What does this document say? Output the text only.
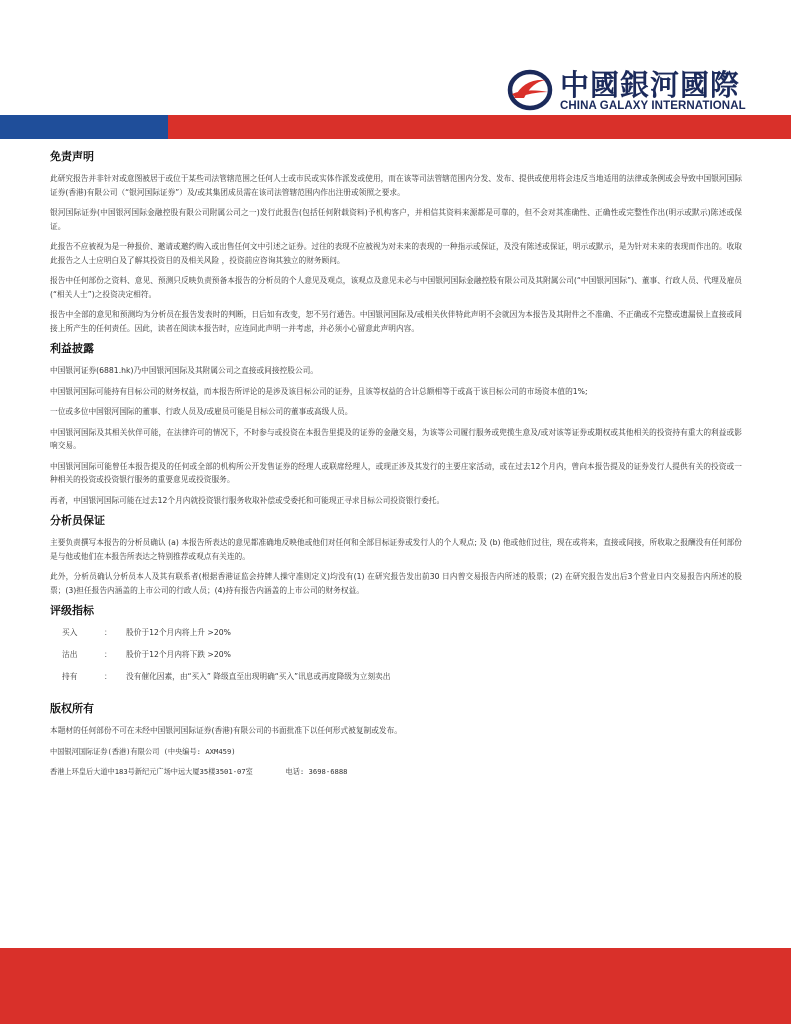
中國銀河國際
CHINA GALAXY INTERNATIONAL
免责声明

此研究报告并非针对或意图被居于或位于某些司法管辖范围之任何人士或市民或实体作派发或使用，而在该等司法管辖范围内分发、发布、提供或使用将会违反当地适用的法律或条例或会导致中国银河国际证券(香港)有限公司（“银河国际证券”）及/或其集团成员需在该司法管辖范围内作出注册或领照之要求。

银河国际证券(中国银河国际金融控股有限公司附属公司之一)发行此报告(包括任何附载资料)予机构客户，并相信其资料来源都是可靠的，但不会对其准确性、正确性或完整性作出(明示或默示)陈述或保证。

此报告不应被视为是一种报价、邀请或邀约购入或出售任何文中引述之证券。过往的表现不应被视为对未来的表现的一种指示或保证，及没有陈述或保证，明示或默示，是为针对未来的表现而作出的。收取此报告之人士应明白及了解其投资目的及相关风险 ，投资前应咨询其独立的财务顾问。

报告中任何部份之资料、意见、预测只反映负责预备本报告的分析员的个人意见及观点，该观点及意见未必与中国银河国际金融控股有限公司及其附属公司(“中国银河国际”)、董事、行政人员、代理及雇员(“相关人士”)之投资决定相符。

报告中全部的意见和预测均为分析员在报告发表时的判断，日后如有改变，恕不另行通告。中国银河国际及/或相关伙伴特此声明不会就因为本报告及其附件之不准确、不正确或不完整或遗漏侯上直接或间接上所产生的任何责任。因此，读者在阅读本报告时，应连同此声明一并考虑，并必须小心留意此声明内容。

利益披露

中国银河证券(6881.hk)乃中国银河国际及其附属公司之直接或间接控股公司。

中国银河国际可能持有目标公司的财务权益，而本报告所评论的是涉及该目标公司的证券，且该等权益的合计总额相等于或高于该目标公司的市场资本值的1%;

一位或多位中国银河国际的董事、行政人员及/或雇员可能是目标公司的董事或高级人员。

中国银河国际及其相关伙伴可能，在法律许可的情况下，不时参与或投资在本报告里提及的证券的金融交易，为该等公司履行服务或兜揽生意及/或对该等证券或期权或其他相关的投资持有重大的利益或影响交易。

中国银河国际可能曾任本报告提及的任何或全部的机构所公开发售证券的经理人或联席经理人，或现正涉及其发行的主要庄家活动，或在过去12个月内，曾向本报告提及的证券发行人提供有关的投资或一种相关的投资或投资银行服务的重要意见或投资服务。

再者，中国银河国际可能在过去12个月内就投资银行服务收取补偿或受委托和可能现正寻求目标公司投资银行委托。

分析员保证

主要负责撰写本报告的分析员确认 (a) 本报告所表达的意见都准确地反映他或他们对任何和全部目标证券或发行人的个人观点; 及 (b) 他或他们过往，现在或将来，直接或间接，所收取之报酬没有任何部份是与他或他们在本报告所表达之特别推荐或观点有关连的。

此外，分析员确认分析员本人及其有联系者(根据香港证监会持牌人操守准则定义)均没有(1) 在研究报告发出前30 日内曾交易报告内所述的股票；(2) 在研究报告发出后3个营业日内交易报告内所述的股票；(3)担任报告内涵盖的上市公司的行政人员；(4)持有报告内涵盖的上市公司的财务权益。

评级指标
买入	：	股价于12个月内将上升 >20%
沽出	：	股价于12个月内将下跌 >20%
持有	：	没有催化因素，由“买入” 降级直至出现明确“买入”讯息或再度降级为立刻卖出
版权所有

本题材的任何部份不可在未经中国银河国际证券(香港)有限公司的书面批准下以任何形式被复制或发布。

中国银河国际证券(香港)有限公司 (中央编号: AXM459)

香港上环皇后大道中183号新纪元广场中远大厦35楼3501-07室	电话: 3698-6888
